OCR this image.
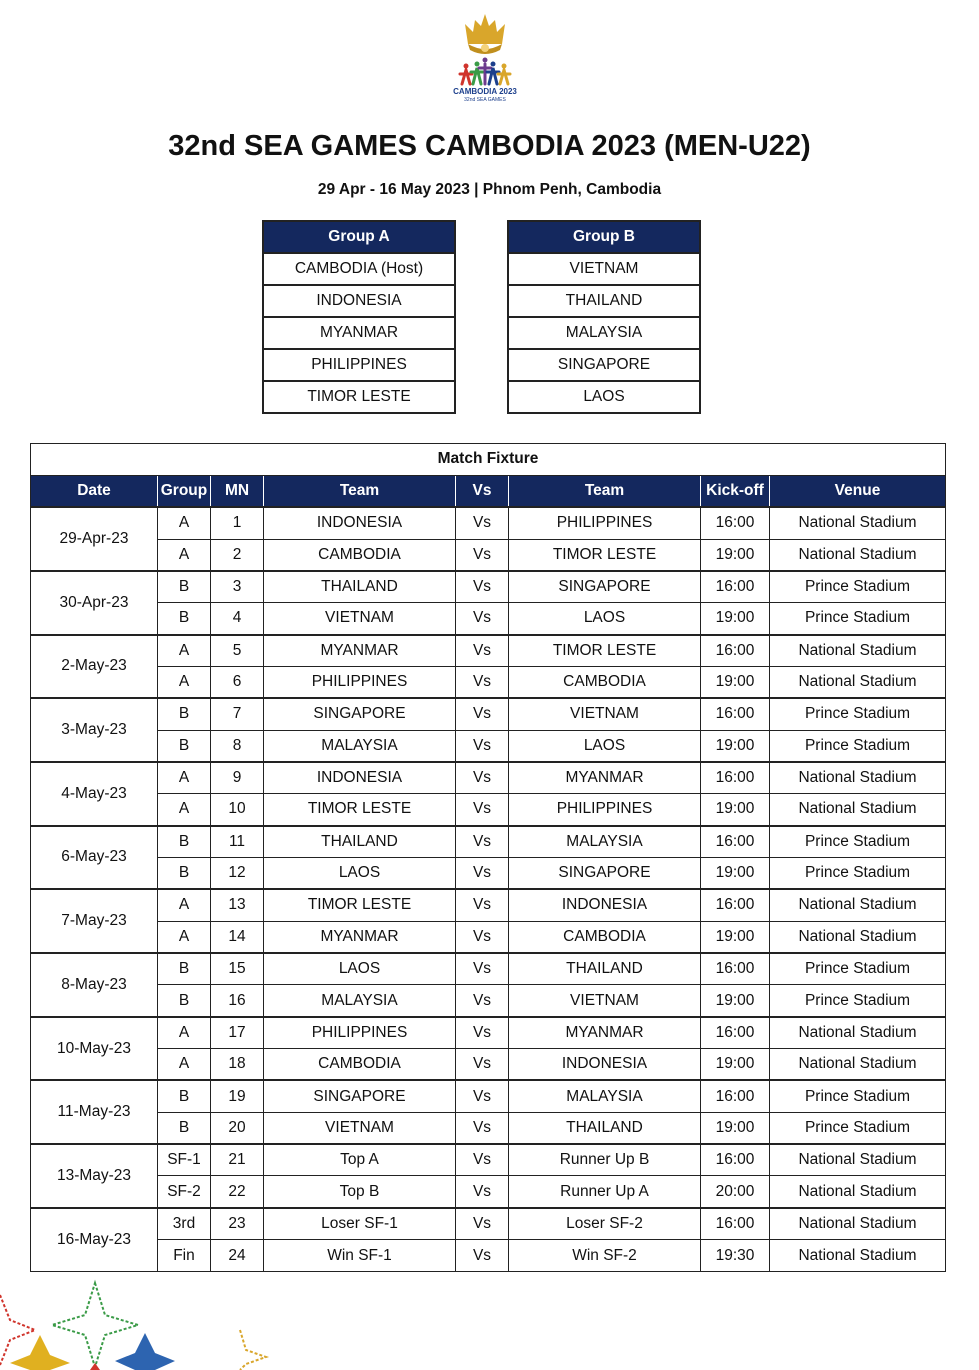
CAMBODIA 2023
32nd SEA GAMES
32nd SEA GAMES CAMBODIA 2023 (MEN-U22)
29 Apr - 16 May 2023 | Phnom Penh, Cambodia
Group A
CAMBODIA (Host)
INDONESIA
MYANMAR
PHILIPPINES
TIMOR LESTE
Group B
VIETNAM
THAILAND
MALAYSIA
SINGAPORE
LAOS
Match Fixture							
Date	Group	MN	Team	Vs	Team	Kick-off	Venue
29-Apr-23	A	1	INDONESIA	Vs	PHILIPPINES	16:00	National Stadium
	A	2	CAMBODIA	Vs	TIMOR LESTE	19:00	National Stadium
30-Apr-23	B	3	THAILAND	Vs	SINGAPORE	16:00	Prince Stadium
	B	4	VIETNAM	Vs	LAOS	19:00	Prince Stadium
2-May-23	A	5	MYANMAR	Vs	TIMOR LESTE	16:00	National Stadium
	A	6	PHILIPPINES	Vs	CAMBODIA	19:00	National Stadium
3-May-23	B	7	SINGAPORE	Vs	VIETNAM	16:00	Prince Stadium
	B	8	MALAYSIA	Vs	LAOS	19:00	Prince Stadium
4-May-23	A	9	INDONESIA	Vs	MYANMAR	16:00	National Stadium
	A	10	TIMOR LESTE	Vs	PHILIPPINES	19:00	National Stadium
6-May-23	B	11	THAILAND	Vs	MALAYSIA	16:00	Prince Stadium
	B	12	LAOS	Vs	SINGAPORE	19:00	Prince Stadium
7-May-23	A	13	TIMOR LESTE	Vs	INDONESIA	16:00	National Stadium
	A	14	MYANMAR	Vs	CAMBODIA	19:00	National Stadium
8-May-23	B	15	LAOS	Vs	THAILAND	16:00	Prince Stadium
	B	16	MALAYSIA	Vs	VIETNAM	19:00	Prince Stadium
10-May-23	A	17	PHILIPPINES	Vs	MYANMAR	16:00	National Stadium
	A	18	CAMBODIA	Vs	INDONESIA	19:00	National Stadium
11-May-23	B	19	SINGAPORE	Vs	MALAYSIA	16:00	Prince Stadium
	B	20	VIETNAM	Vs	THAILAND	19:00	Prince Stadium
13-May-23	SF-1	21	Top A	Vs	Runner Up B	16:00	National Stadium
	SF-2	22	Top B	Vs	Runner Up A	20:00	National Stadium
16-May-23	3rd	23	Loser SF-1	Vs	Loser SF-2	16:00	National Stadium
	Fin	24	Win SF-1	Vs	Win SF-2	19:30	National Stadium
